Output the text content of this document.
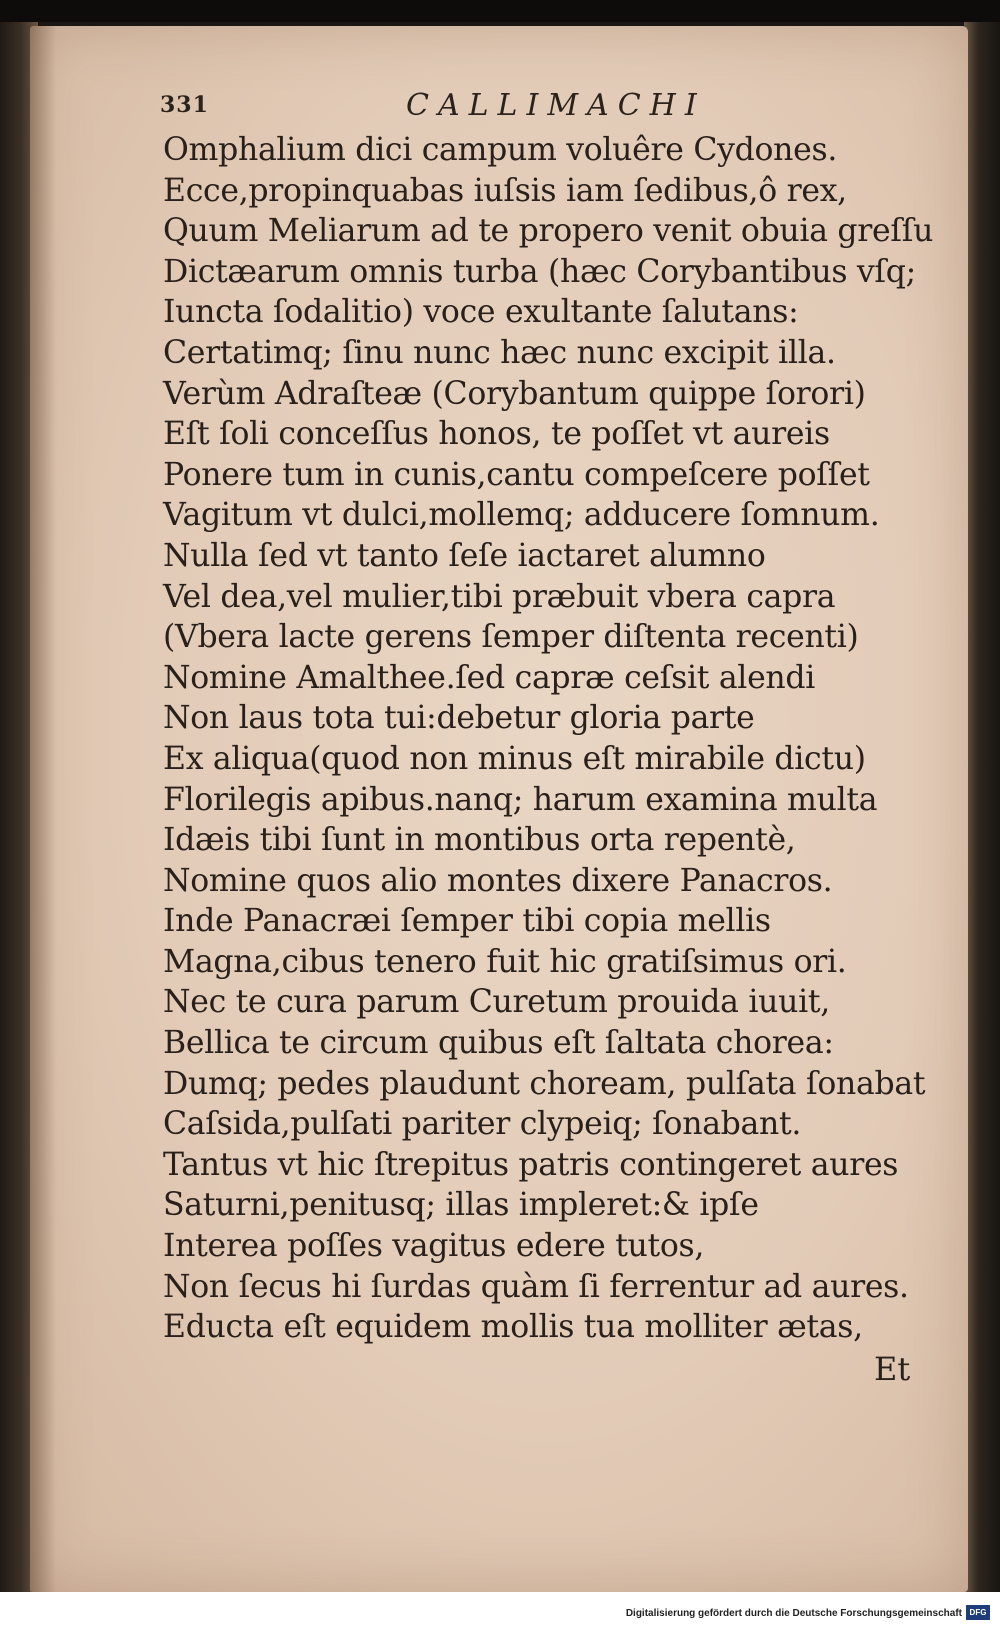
331	CALLIMACHI
Omphalium dici campum voluêre Cydones.
Ecce,propinquabas iuſsis iam ſedibus,ô rex,
Quum Meliarum ad te propero venit obuia greſſu
Dictæarum omnis turba (hæc Corybantibus vſq;
Iuncta ſodalitio) voce exultante ſalutans:
Certatimq; ſinu nunc hæc nunc excipit illa.
Verùm Adraſteæ (Corybantum quippe ſorori)
Eſt ſoli conceſſus honos, te poſſet vt aureis
Ponere tum in cunis,cantu compeſcere poſſet
Vagitum vt dulci,mollemq; adducere ſomnum.
Nulla ſed vt tanto ſeſe iactaret alumno
Vel dea,vel mulier,tibi præbuit vbera capra
(Vbera lacte gerens ſemper diſtenta recenti)
Nomine Amalthee.ſed capræ ceſsit alendi
Non laus tota tui:debetur gloria parte
Ex aliqua(quod non minus eſt mirabile dictu)
Florilegis apibus.nanq; harum examina multa
Idæis tibi ſunt in montibus orta repentè,
Nomine quos alio montes dixere Panacros.
Inde Panacræi ſemper tibi copia mellis
Magna,cibus tenero fuit hic gratiſsimus ori.
Nec te cura parum Curetum prouida iuuit,
Bellica te circum quibus eſt ſaltata chorea:
Dumq; pedes plaudunt choream, pulſata ſonabat
Caſsida,pulſati pariter clypeiq; ſonabant.
Tantus vt hic ſtrepitus patris contingeret aures
Saturni,penitusq; illas impleret:& ipſe
Interea poſſes vagitus edere tutos,
Non ſecus hi ſurdas quàm ſi ferrentur ad aures.
Educta eſt equidem mollis tua molliter ætas,
Et
Digitalisierung gefördert durch die Deutsche Forschungsgemeinschaft DFG
